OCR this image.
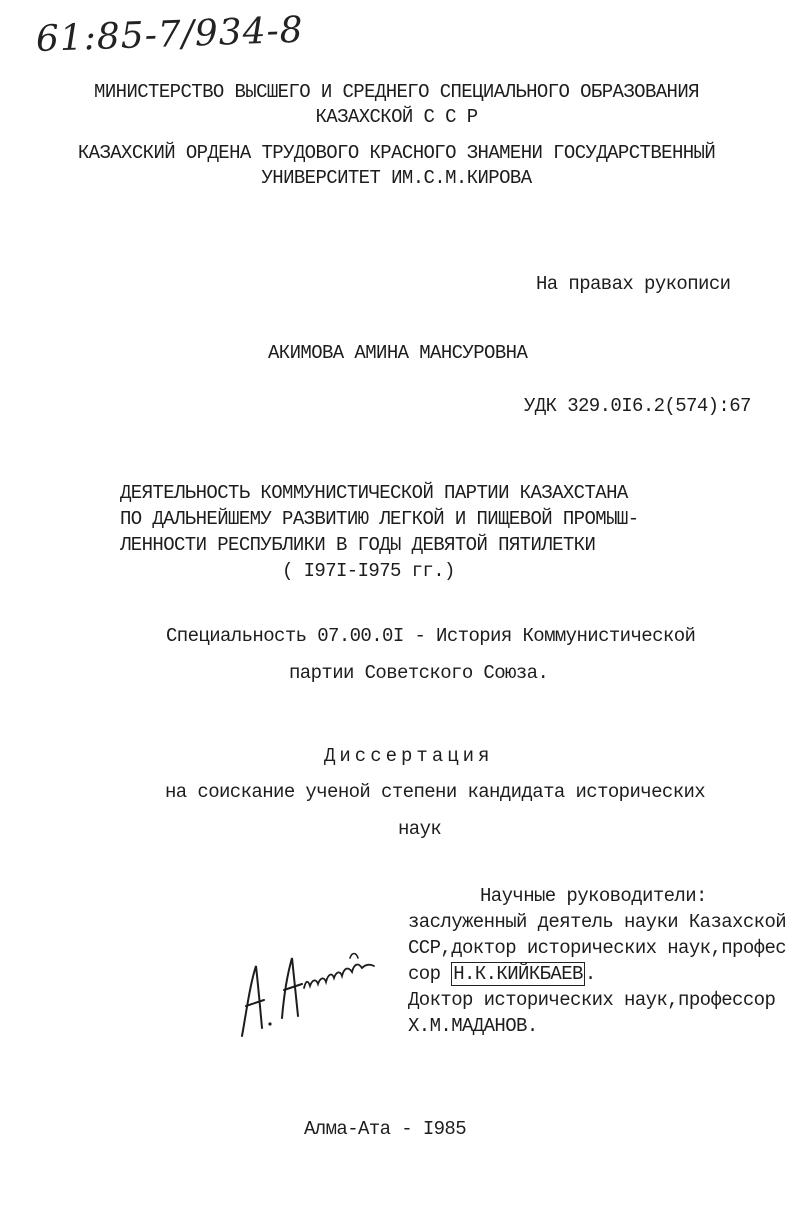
61:85-7/934-8
МИНИСТЕРСТВО ВЫСШЕГО И СРЕДНЕГО СПЕЦИАЛЬНОГО ОБРАЗОВАНИЯ
КАЗАХСКОЙ С С Р
КАЗАХСКИЙ ОРДЕНА ТРУДОВОГО КРАСНОГО ЗНАМЕНИ ГОСУДАРСТВЕННЫЙ
УНИВЕРСИТЕТ ИМ.С.М.КИРОВА
На правах рукописи
АКИМОВА АМИНА МАНСУРОВНА
УДК 329.0I6.2(574):67
ДЕЯТЕЛЬНОСТЬ КОММУНИСТИЧЕСКОЙ ПАРТИИ КАЗАХСТАНА
ПО ДАЛЬНЕЙШЕМУ РАЗВИТИЮ ЛЕГКОЙ И ПИЩЕВОЙ ПРОМЫШ-
ЛЕННОСТИ РЕСПУБЛИКИ В ГОДЫ ДЕВЯТОЙ ПЯТИЛЕТКИ
( I97I-I975 гг.)
Специальность 07.00.0I - История Коммунистической
партии Советского Союза.
Диссертация
на соискание ученой степени кандидата исторических
наук
Научные руководители:
заслуженный деятель науки Казахской
ССР,доктор исторических наук,профес
сор Н.К.КИЙКБАЕВ .
Доктор исторических наук,профессор
Х.М.МАДАНОВ.
Алма-Ата - I985
